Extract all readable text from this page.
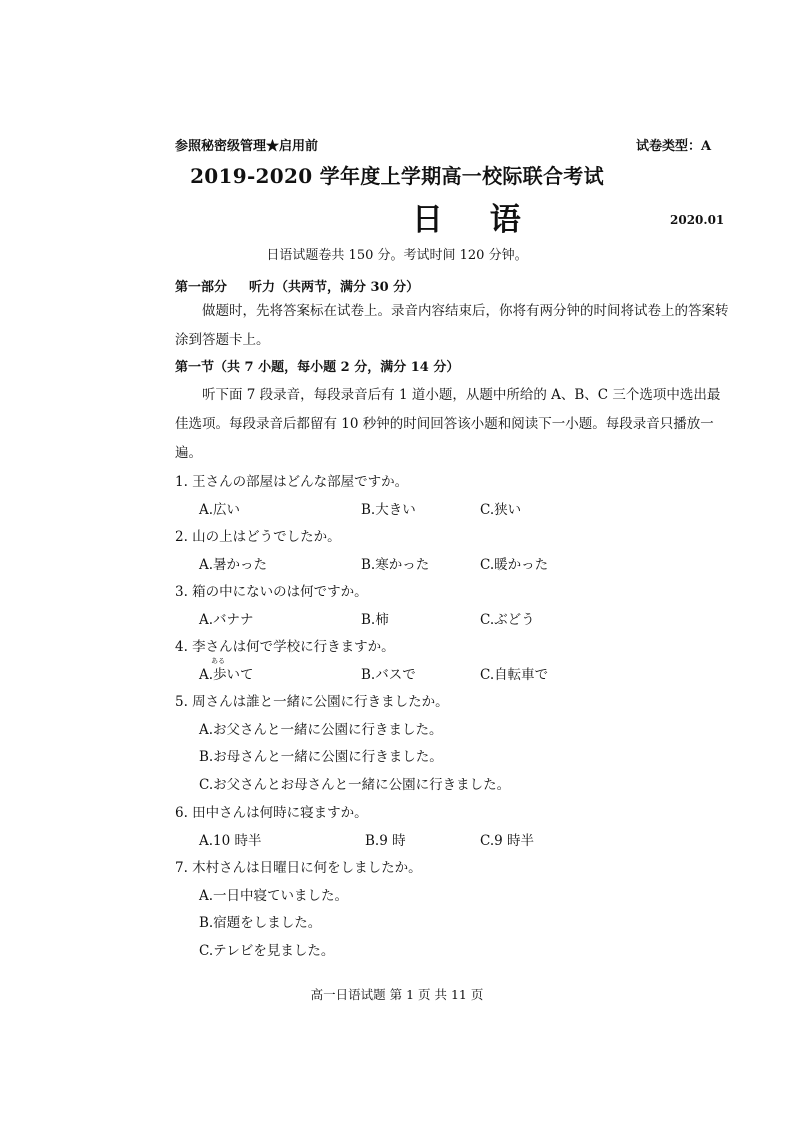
参照秘密级管理★启用前	试卷类型：A
2019-2020 学年度上学期高一校际联合考试
日 语	2020.01
日语试题卷共 150 分。考试时间 120 分钟。
第一部分 听力（共两节，满分 30 分）
做题时，先将答案标在试卷上。录音内容结束后，你将有两分钟的时间将试卷上的答案转涂到答题卡上。
第一节（共 7 小题，每小题 2 分，满分 14 分）
听下面 7 段录音，每段录音后有 1 道小题，从题中所给的 A、B、C 三个选项中选出最佳选项。每段录音后都留有 10 秒钟的时间回答该小题和阅读下一小题。每段录音只播放一遍。
1. 王さんの部屋はどんな部屋ですか。
A.広い	B.大きい	C.狭い
2. 山の上はどうでしたか。
A.暑かった	B.寒かった	C.暖かった
3. 箱の中にないのは何ですか。
A.バナナ	B.柿	C.ぶどう
4. 李さんは何で学校に行きますか。
ある
A.歩いて	B.バスで	C.自転車で
5. 周さんは誰と一緒に公園に行きましたか。
A.お父さんと一緒に公園に行きました。
B.お母さんと一緒に公園に行きました。
C.お父さんとお母さんと一緒に公園に行きました。
6. 田中さんは何時に寝ますか。
A.10 時半	B.9 時	C.9 時半
7. 木村さんは日曜日に何をしましたか。
A.一日中寝ていました。
B.宿題をしました。
C.テレビを見ました。
高一日语试题 第 1 页 共 11 页
